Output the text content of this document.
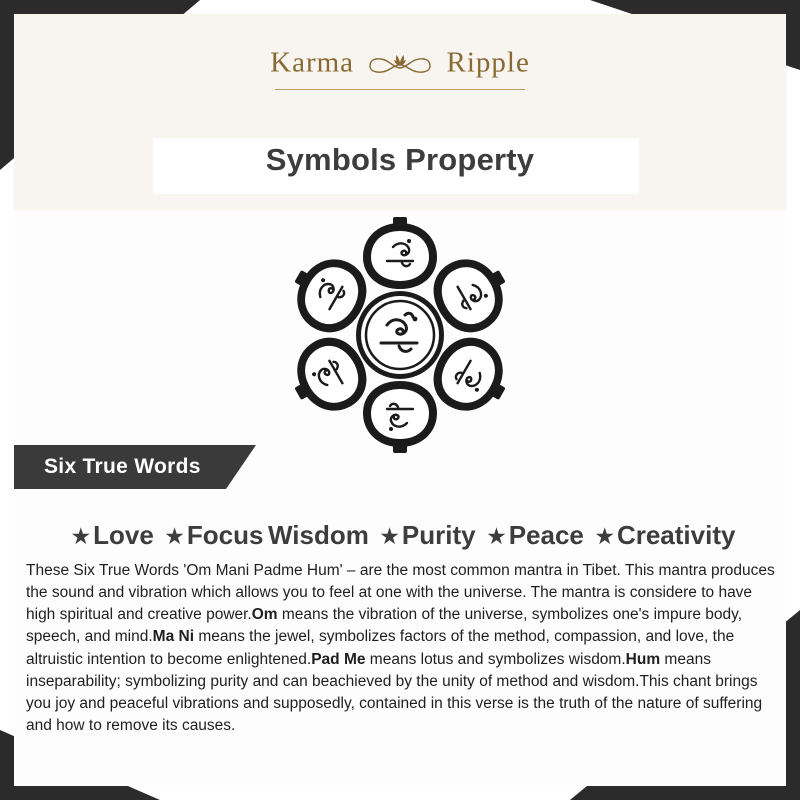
Karma	Ripple
Symbols Property
Six True Words
★Love ★Focus Wisdom ★Purity ★Peace ★Creativity
These Six True Words 'Om Mani Padme Hum' – are the most common mantra in Tibet. This mantra produces the sound and vibration which allows you to feel at one with the universe. The mantra is considere to have high spiritual and creative power.Om means the vibration of the universe, symbolizes one's impure body, speech, and mind.Ma Ni means the jewel, symbolizes factors of the method, compassion, and love, the altruistic intention to become enlightened.Pad Me means lotus and symbolizes wisdom.Hum means inseparability; symbolizing purity and can beachieved by the unity of method and wisdom.This chant brings you joy and peaceful vibrations and supposedly, contained in this verse is the truth of the nature of suffering and how to remove its causes.
